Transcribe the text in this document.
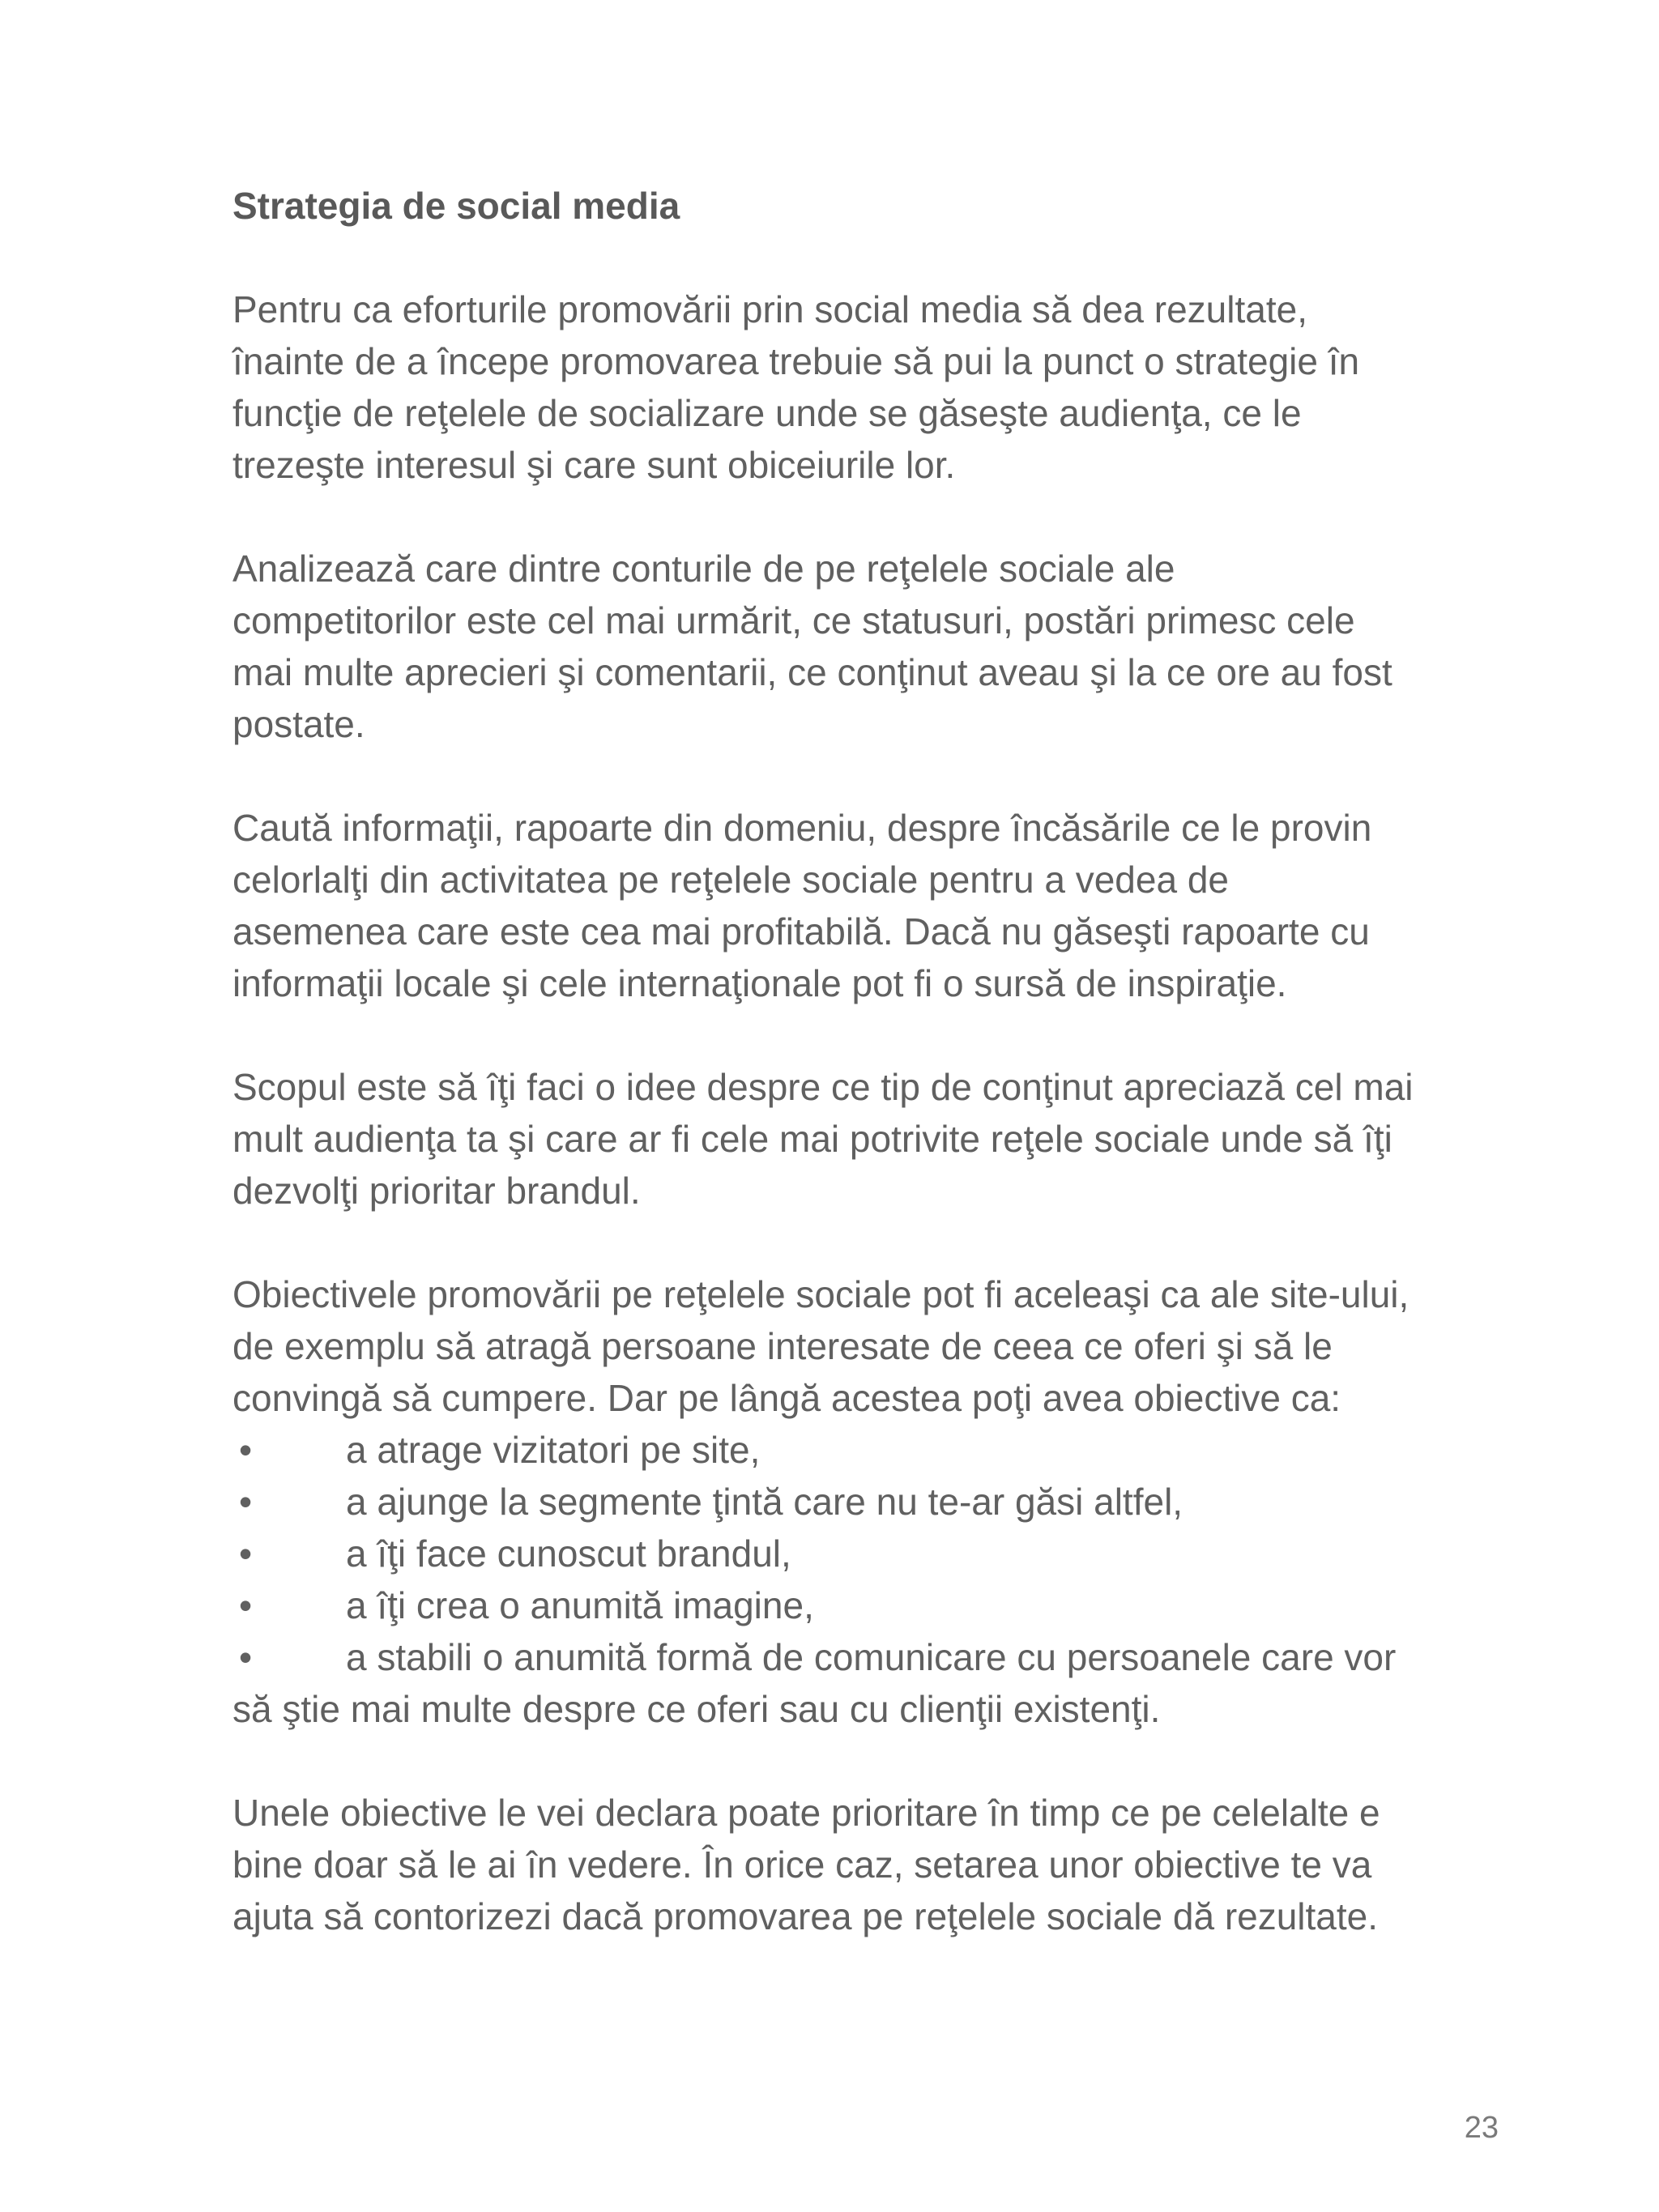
Strategia de social media

Pentru ca eforturile promovării prin social media să dea rezultate,
înainte de a începe promovarea trebuie să pui la punct o strategie în
funcţie de reţelele de socializare unde se găseşte audienţa, ce le
trezeşte interesul şi care sunt obiceiurile lor.

Analizează care dintre conturile de pe reţelele sociale ale
competitorilor este cel mai urmărit, ce statusuri, postări primesc cele
mai multe aprecieri şi comentarii, ce conţinut aveau şi la ce ore au fost
postate.

Caută informaţii, rapoarte din domeniu, despre încăsările ce le provin
celorlalţi din activitatea pe reţelele sociale pentru a vedea de
asemenea care este cea mai profitabilă. Dacă nu găseşti rapoarte cu
informaţii locale şi cele internaţionale pot fi o sursă de inspiraţie.

Scopul este să îţi faci o idee despre ce tip de conţinut apreciază cel mai
mult audienţa ta şi care ar fi cele mai potrivite reţele sociale unde să îţi
dezvolţi prioritar brandul.

Obiectivele promovării pe reţelele sociale pot fi aceleaşi ca ale site-ului,
de exemplu să atragă persoane interesate de ceea ce oferi şi să le
convingă să cumpere. Dar pe lângă acestea poţi avea obiective ca:

•	a atrage vizitatori pe site,
•	a ajunge la segmente ţintă care nu te-ar găsi altfel,
•	a îţi face cunoscut brandul,
•	a îţi crea o anumită imagine,
•	a stabili o anumită formă de comunicare cu persoanele care vor

să ştie mai multe despre ce oferi sau cu clienţii existenţi.

Unele obiective le vei declara poate prioritare în timp ce pe celelalte e
bine doar să le ai în vedere. În orice caz, setarea unor obiective te va
ajuta să contorizezi dacă promovarea pe reţelele sociale dă rezultate.

23
